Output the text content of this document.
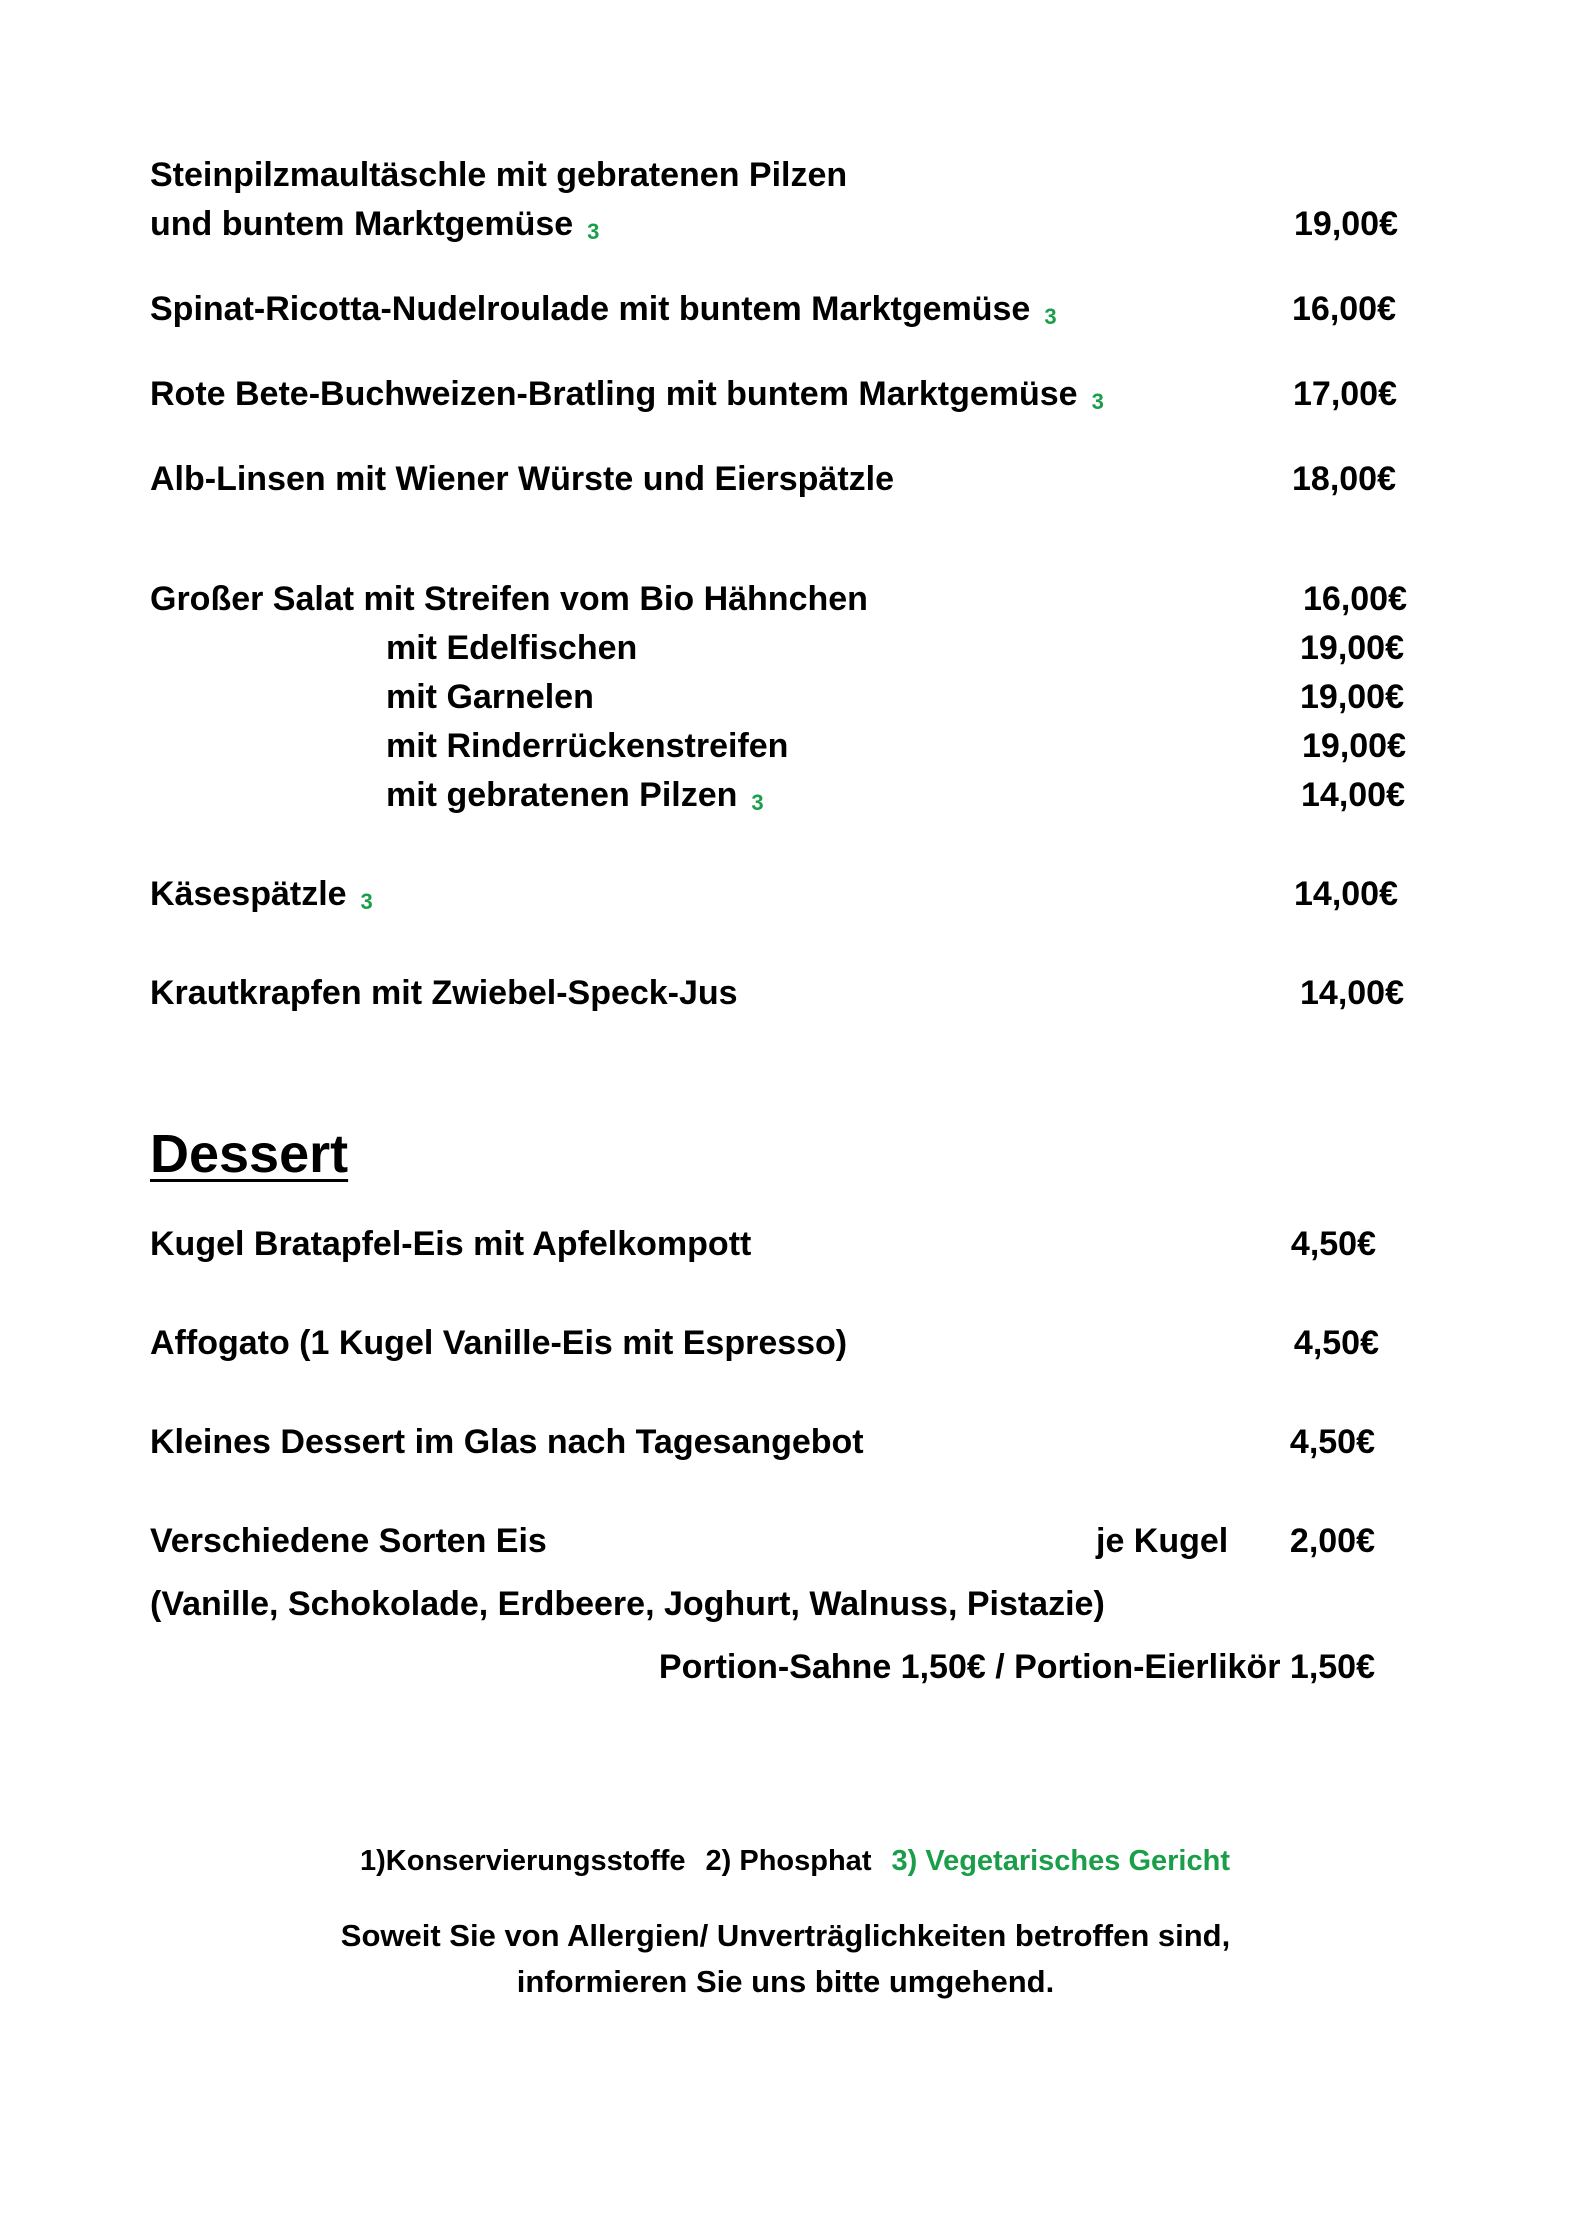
Steinpilzmaultäschle mit gebratenen Pilzen

und buntem Marktgemüse 3	19,00€

Spinat-Ricotta-Nudelroulade mit buntem Marktgemüse 3	16,00€

Rote Bete-Buchweizen-Bratling mit buntem Marktgemüse 3	17,00€

Alb-Linsen mit Wiener Würste und Eierspätzle	18,00€

Großer Salat mit Streifen vom Bio Hähnchen	16,00€

mit Edelfischen	19,00€

mit Garnelen	19,00€

mit Rinderrückenstreifen	19,00€

mit gebratenen Pilzen 3	14,00€

Käsespätzle 3	14,00€

Krautkrapfen mit Zwiebel-Speck-Jus	14,00€
Dessert

Kugel Bratapfel-Eis mit Apfelkompott	4,50€

Affogato (1 Kugel Vanille-Eis mit Espresso)	4,50€

Kleines Dessert im Glas nach Tagesangebot	4,50€

Verschiedene Sorten Eis	je Kugel	2,00€

(Vanille, Schokolade, Erdbeere, Joghurt, Walnuss, Pistazie)

Portion-Sahne 1,50€ / Portion-Eierlikör 1,50€
1)Konservierungsstoffe 2) Phosphat 3) Vegetarisches Gericht

Soweit Sie von Allergien/ Unverträglichkeiten betroffen sind,

informieren Sie uns bitte umgehend.
